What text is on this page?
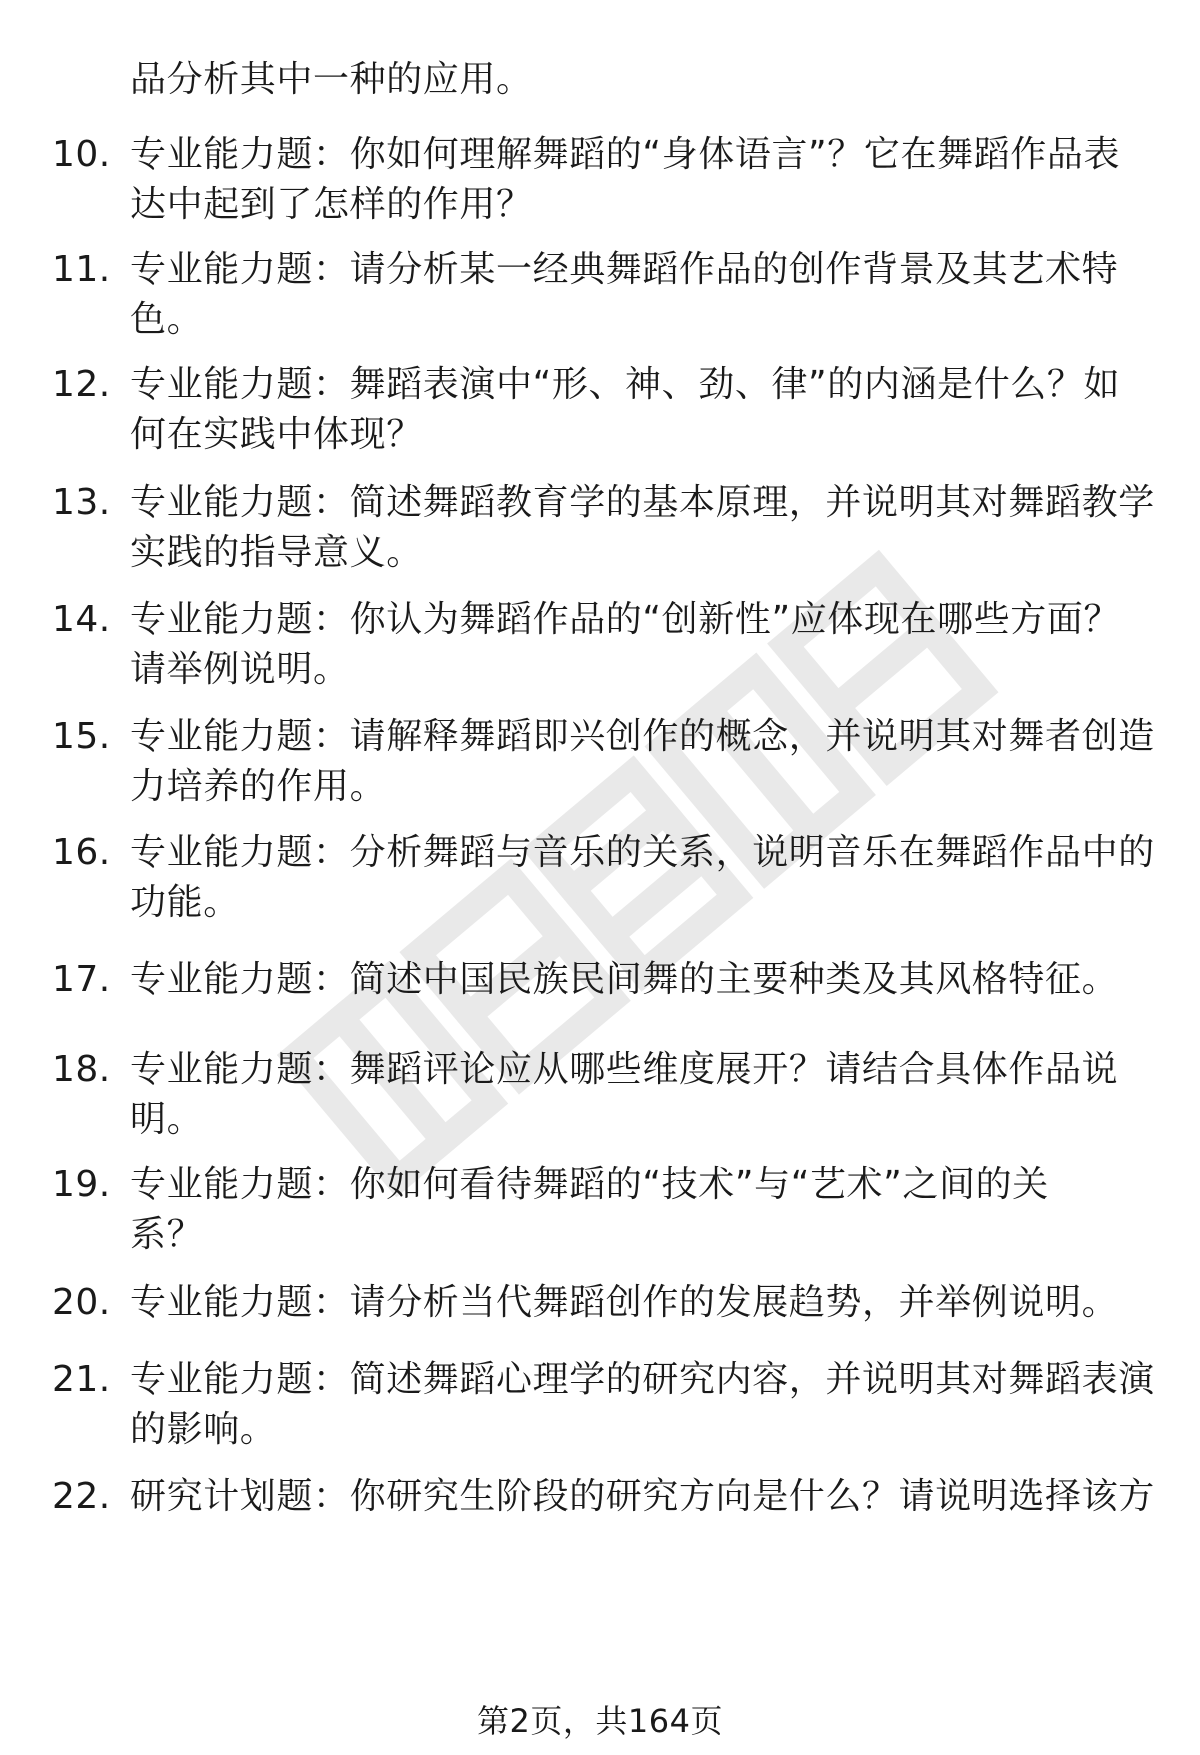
品分析其中一种的应用。
10. 专业能力题：你如何理解舞蹈的“身体语言”？它在舞蹈作品表
达中起到了怎样的作用？
11. 专业能力题：请分析某一经典舞蹈作品的创作背景及其艺术特
色。
12. 专业能力题：舞蹈表演中“形、神、劲、律”的内涵是什么？如
何在实践中体现？
13. 专业能力题：简述舞蹈教育学的基本原理，并说明其对舞蹈教学
实践的指导意义。
14. 专业能力题：你认为舞蹈作品的“创新性”应体现在哪些方面？
请举例说明。
15. 专业能力题：请解释舞蹈即兴创作的概念，并说明其对舞者创造
力培养的作用。
16. 专业能力题：分析舞蹈与音乐的关系，说明音乐在舞蹈作品中的
功能。
17. 专业能力题：简述中国民族民间舞的主要种类及其风格特征。
18. 专业能力题：舞蹈评论应从哪些维度展开？请结合具体作品说
明。
19. 专业能力题：你如何看待舞蹈的“技术”与“艺术”之间的关
系？
20. 专业能力题：请分析当代舞蹈创作的发展趋势，并举例说明。
21. 专业能力题：简述舞蹈心理学的研究内容，并说明其对舞蹈表演
的影响。
22. 研究计划题：你研究生阶段的研究方向是什么？请说明选择该方
第2页，共164页
